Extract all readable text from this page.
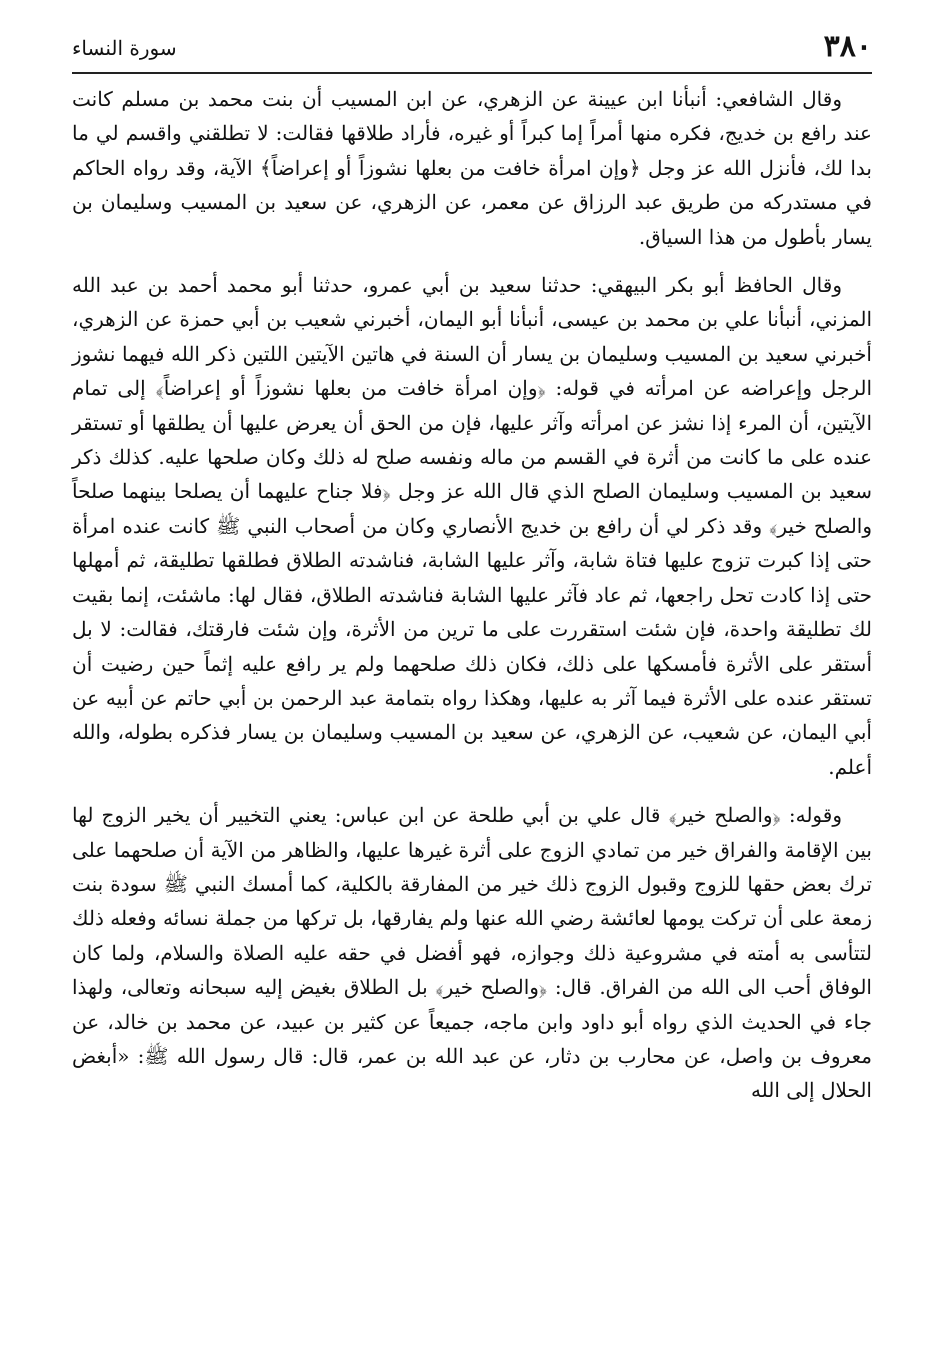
٣٨٠
سورة النساء

وقال الشافعي: أنبأنا ابن عيينة عن الزهري، عن ابن المسيب أن بنت محمد بن مسلم كانت عند رافع بن خديج، فكره منها أمراً إما كبراً أو غيره، فأراد طلاقها فقالت: لا تطلقني واقسم لي ما بدا لك، فأنزل الله عز وجل ﴿وإن امرأة خافت من بعلها نشوزاً أو إعراضاً﴾ الآية، وقد رواه الحاكم في مستدركه من طريق عبد الرزاق عن معمر، عن الزهري، عن سعيد بن المسيب وسليمان بن يسار بأطول من هذا السياق.

وقال الحافظ أبو بكر البيهقي: حدثنا سعيد بن أبي عمرو، حدثنا أبو محمد أحمد بن عبد الله المزني، أنبأنا علي بن محمد بن عيسى، أنبأنا أبو اليمان، أخبرني شعيب بن أبي حمزة عن الزهري، أخبرني سعيد بن المسيب وسليمان بن يسار أن السنة في هاتين الآيتين اللتين ذكر الله فيهما نشوز الرجل وإعراضه عن امرأته في قوله: ﴿وإن امرأة خافت من بعلها نشوزاً أو إعراضاً﴾ إلى تمام الآيتين، أن المرء إذا نشز عن امرأته وآثر عليها، فإن من الحق أن يعرض عليها أن يطلقها أو تستقر عنده على ما كانت من أثرة في القسم من ماله ونفسه صلح له ذلك وكان صلحها عليه. كذلك ذكر سعيد بن المسيب وسليمان الصلح الذي قال الله عز وجل ﴿فلا جناح عليهما أن يصلحا بينهما صلحاً والصلح خير﴾ وقد ذكر لي أن رافع بن خديج الأنصاري وكان من أصحاب النبي ﷺ كانت عنده امرأة حتى إذا كبرت تزوج عليها فتاة شابة، وآثر عليها الشابة، فناشدته الطلاق فطلقها تطليقة، ثم أمهلها حتى إذا كادت تحل راجعها، ثم عاد فآثر عليها الشابة فناشدته الطلاق، فقال لها: ماشئت، إنما بقيت لك تطليقة واحدة، فإن شئت استقررت على ما ترين من الأثرة، وإن شئت فارقتك، فقالت: لا بل أستقر على الأثرة فأمسكها على ذلك، فكان ذلك صلحهما ولم ير رافع عليه إثماً حين رضيت أن تستقر عنده على الأثرة فيما آثر به عليها، وهكذا رواه بتمامة عبد الرحمن بن أبي حاتم عن أبيه عن أبي اليمان، عن شعيب، عن الزهري، عن سعيد بن المسيب وسليمان بن يسار فذكره بطوله، والله أعلم.

وقوله: ﴿والصلح خير﴾ قال علي بن أبي طلحة عن ابن عباس: يعني التخيير أن يخير الزوج لها بين الإقامة والفراق خير من تمادي الزوج على أثرة غيرها عليها، والظاهر من الآية أن صلحهما على ترك بعض حقها للزوج وقبول الزوج ذلك خير من المفارقة بالكلية، كما أمسك النبي ﷺ سودة بنت زمعة على أن تركت يومها لعائشة رضي الله عنها ولم يفارقها، بل تركها من جملة نسائه وفعله ذلك لتتأسى به أمته في مشروعية ذلك وجوازه، فهو أفضل في حقه عليه الصلاة والسلام، ولما كان الوفاق أحب الى الله من الفراق. قال: ﴿والصلح خير﴾ بل الطلاق بغيض إليه سبحانه وتعالى، ولهذا جاء في الحديث الذي رواه أبو داود وابن ماجه، جميعاً عن كثير بن عبيد، عن محمد بن خالد، عن معروف بن واصل، عن محارب بن دثار، عن عبد الله بن عمر، قال: قال رسول الله ﷺ: «أبغض الحلال إلى الله
